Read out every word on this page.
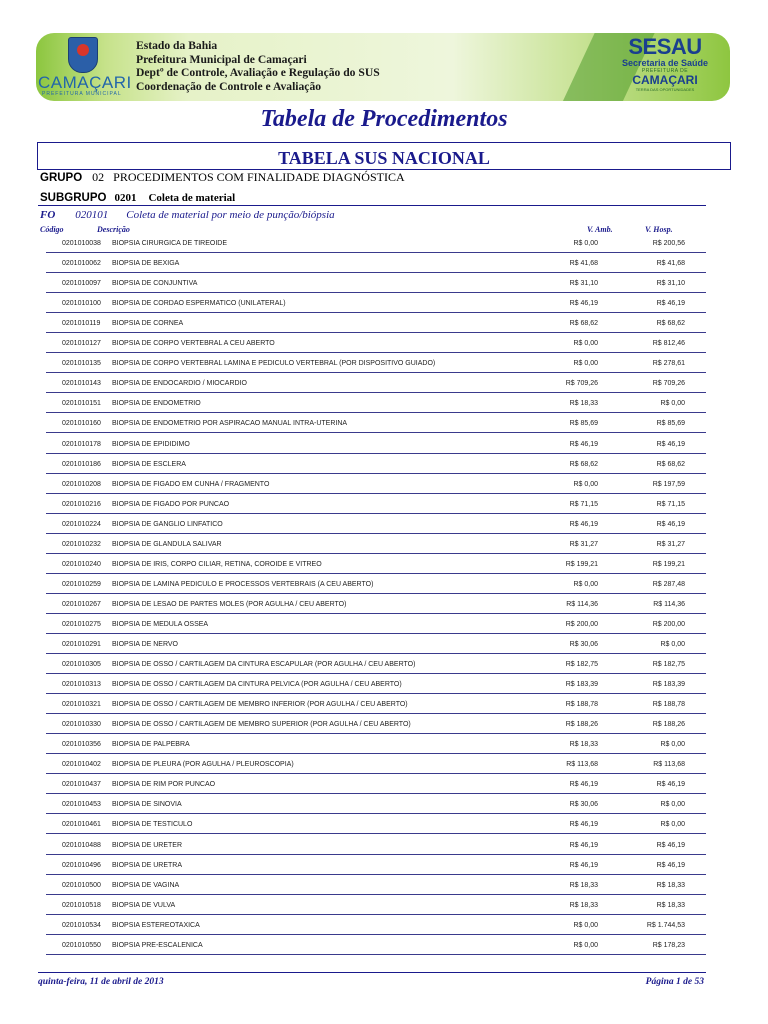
CAMAÇARI
PREFEITURA MUNICIPAL
Estado da Bahia
Prefeitura Municipal de Camaçari
Deptº de Controle, Avaliação e Regulação do SUS
Coordenação de Controle e Avaliação
SESAU
Secretaria de Saúde
PREFEITURA DE
CAMAÇARI
TERRA DAS OPORTUNIDADES
Tabela de Procedimentos
TABELA SUS NACIONAL
GRUPO 02 PROCEDIMENTOS COM FINALIDADE DIAGNÓSTICA
SUBGRUPO 0201 Coleta de material
FO 020101 Coleta de material por meio de punção/biópsia
Código	Descrição	V. Amb.	V. Hosp.
0201010038 BIOPSIA CIRURGICA DE TIREOIDE	R$ 0,00	R$ 200,56
0201010062 BIOPSIA DE BEXIGA	R$ 41,68	R$ 41,68
0201010097 BIOPSIA DE CONJUNTIVA	R$ 31,10	R$ 31,10
0201010100 BIOPSIA DE CORDAO ESPERMATICO (UNILATERAL)	R$ 46,19	R$ 46,19
0201010119 BIOPSIA DE CORNEA	R$ 68,62	R$ 68,62
0201010127 BIOPSIA DE CORPO VERTEBRAL A CEU ABERTO	R$ 0,00	R$ 812,46
0201010135 BIOPSIA DE CORPO VERTEBRAL LAMINA E PEDICULO VERTEBRAL (POR DISPOSITIVO GUIADO)	R$ 0,00	R$ 278,61
0201010143 BIOPSIA DE ENDOCARDIO / MIOCARDIO	R$ 709,26	R$ 709,26
0201010151 BIOPSIA DE ENDOMETRIO	R$ 18,33	R$ 0,00
0201010160 BIOPSIA DE ENDOMETRIO POR ASPIRACAO MANUAL INTRA-UTERINA	R$ 85,69	R$ 85,69
0201010178 BIOPSIA DE EPIDIDIMO	R$ 46,19	R$ 46,19
0201010186 BIOPSIA DE ESCLERA	R$ 68,62	R$ 68,62
0201010208 BIOPSIA DE FIGADO EM CUNHA / FRAGMENTO	R$ 0,00	R$ 197,59
0201010216 BIOPSIA DE FIGADO POR PUNCAO	R$ 71,15	R$ 71,15
0201010224 BIOPSIA DE GANGLIO LINFATICO	R$ 46,19	R$ 46,19
0201010232 BIOPSIA DE GLANDULA SALIVAR	R$ 31,27	R$ 31,27
0201010240 BIOPSIA DE IRIS, CORPO CILIAR, RETINA, COROIDE E VITREO	R$ 199,21	R$ 199,21
0201010259 BIOPSIA DE LAMINA PEDICULO E PROCESSOS VERTEBRAIS (A CEU ABERTO)	R$ 0,00	R$ 287,48
0201010267 BIOPSIA DE LESAO DE PARTES MOLES (POR AGULHA / CEU ABERTO)	R$ 114,36	R$ 114,36
0201010275 BIOPSIA DE MEDULA OSSEA	R$ 200,00	R$ 200,00
0201010291 BIOPSIA DE NERVO	R$ 30,06	R$ 0,00
0201010305 BIOPSIA DE OSSO / CARTILAGEM DA CINTURA ESCAPULAR (POR AGULHA / CEU ABERTO)	R$ 182,75	R$ 182,75
0201010313 BIOPSIA DE OSSO / CARTILAGEM DA CINTURA PELVICA (POR AGULHA / CEU ABERTO)	R$ 183,39	R$ 183,39
0201010321 BIOPSIA DE OSSO / CARTILAGEM DE MEMBRO INFERIOR (POR AGULHA / CEU ABERTO)	R$ 188,78	R$ 188,78
0201010330 BIOPSIA DE OSSO / CARTILAGEM DE MEMBRO SUPERIOR (POR AGULHA / CEU ABERTO)	R$ 188,26	R$ 188,26
0201010356 BIOPSIA DE PALPEBRA	R$ 18,33	R$ 0,00
0201010402 BIOPSIA DE PLEURA (POR AGULHA / PLEUROSCOPIA)	R$ 113,68	R$ 113,68
0201010437 BIOPSIA DE RIM POR PUNCAO	R$ 46,19	R$ 46,19
0201010453 BIOPSIA DE SINOVIA	R$ 30,06	R$ 0,00
0201010461 BIOPSIA DE TESTICULO	R$ 46,19	R$ 0,00
0201010488 BIOPSIA DE URETER	R$ 46,19	R$ 46,19
0201010496 BIOPSIA DE URETRA	R$ 46,19	R$ 46,19
0201010500 BIOPSIA DE VAGINA	R$ 18,33	R$ 18,33
0201010518 BIOPSIA DE VULVA	R$ 18,33	R$ 18,33
0201010534 BIOPSIA ESTEREOTAXICA	R$ 0,00	R$ 1.744,53
0201010550 BIOPSIA PRE-ESCALENICA	R$ 0,00	R$ 178,23
quinta-feira, 11 de abril de 2013	Página 1 de 53
